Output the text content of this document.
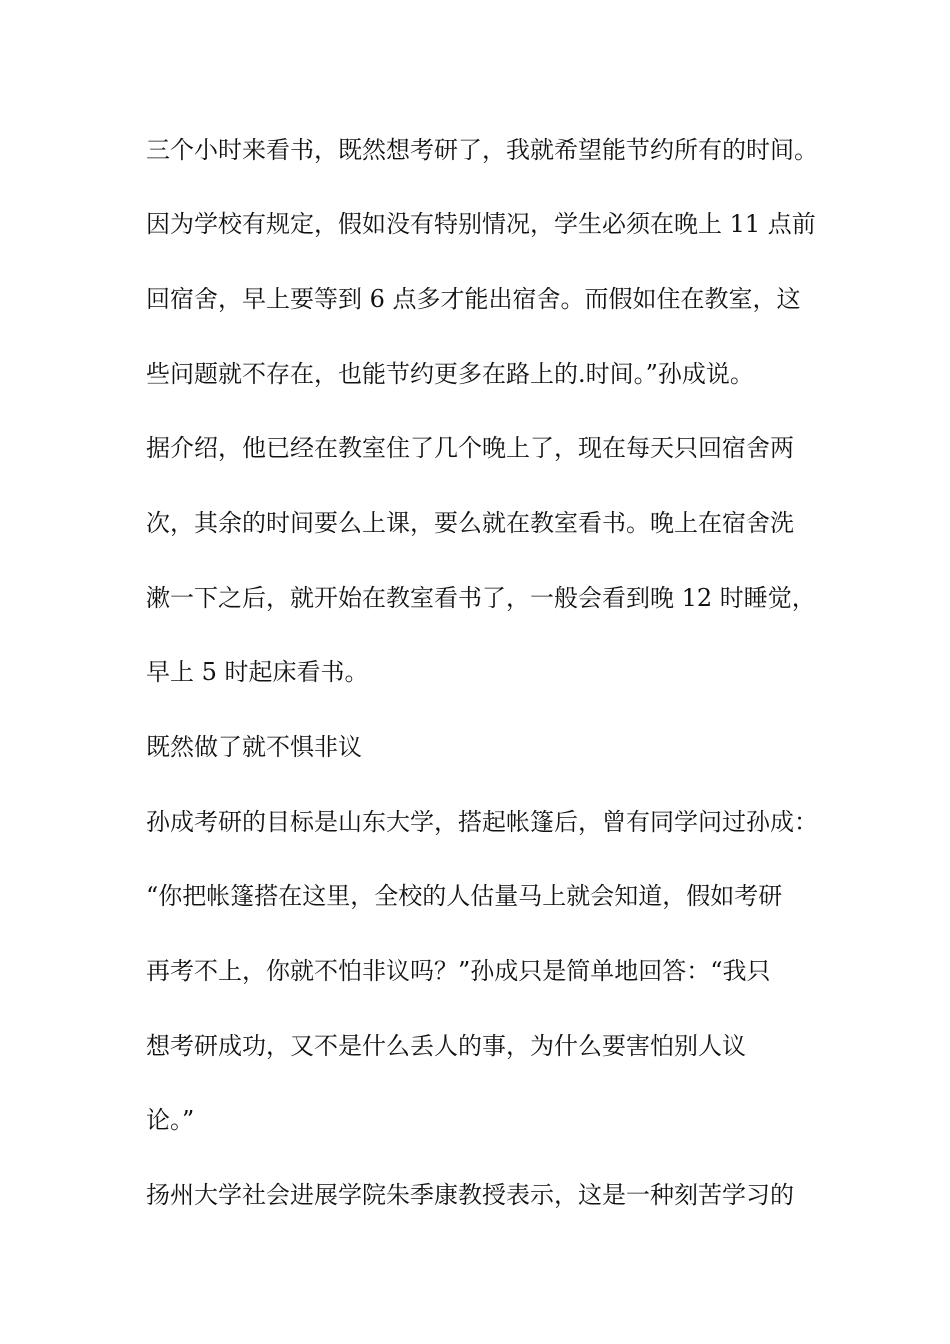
三个小时来看书，既然想考研了，我就希望能节约所有的时间。

因为学校有规定，假如没有特别情况，学生必须在晚上 11 点前

回宿舍，早上要等到 6 点多才能出宿舍。而假如住在教室，这

些问题就不存在，也能节约更多在路上的.时间。”孙成说。

据介绍，他已经在教室住了几个晚上了，现在每天只回宿舍两

次，其余的时间要么上课，要么就在教室看书。晚上在宿舍洗

漱一下之后，就开始在教室看书了，一般会看到晚 12 时睡觉，

早上 5 时起床看书。

既然做了就不惧非议

孙成考研的目标是山东大学，搭起帐篷后，曾有同学问过孙成：

“你把帐篷搭在这里，全校的人估量马上就会知道，假如考研

再考不上，你就不怕非议吗？”孙成只是简单地回答：“我只

想考研成功，又不是什么丢人的事，为什么要害怕别人议

论。”

扬州大学社会进展学院朱季康教授表示，这是一种刻苦学习的
